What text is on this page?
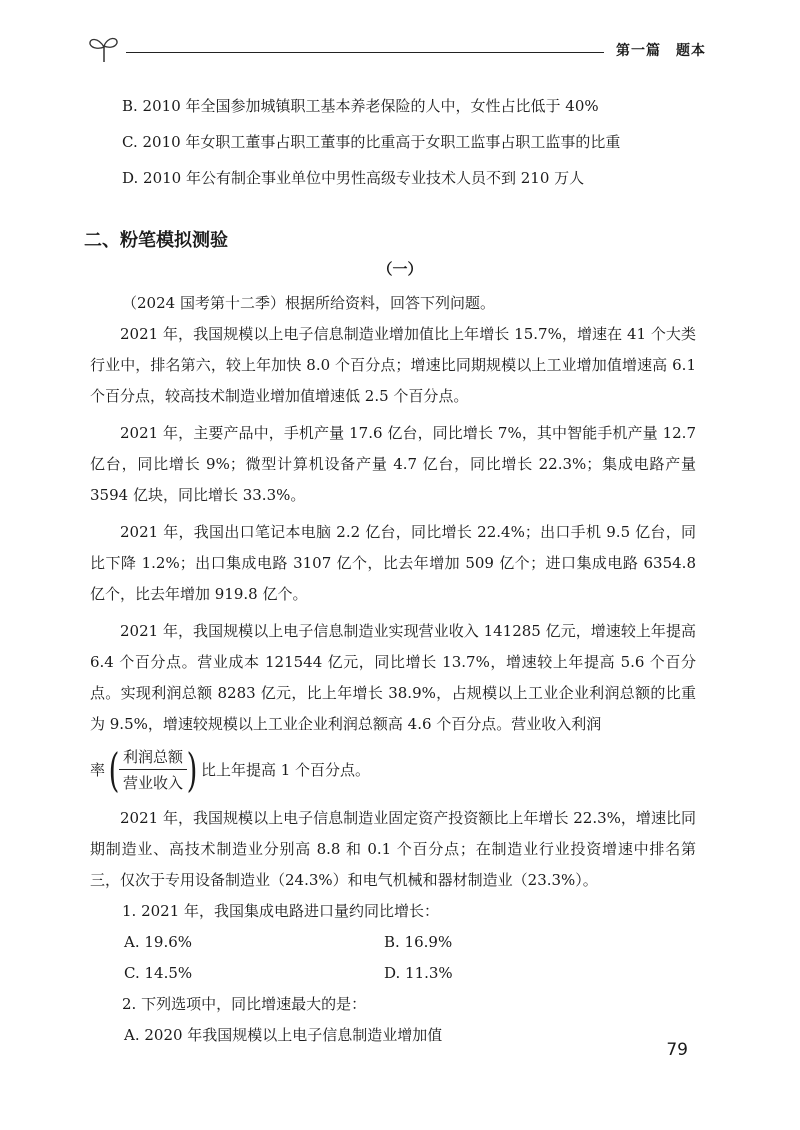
第一篇　题本

B. 2010 年全国参加城镇职工基本养老保险的人中，女性占比低于 40%

C. 2010 年女职工董事占职工董事的比重高于女职工监事占职工监事的比重

D. 2010 年公有制企事业单位中男性高级专业技术人员不到 210 万人

二、粉笔模拟测验
（一）

（2024 国考第十二季）根据所给资料，回答下列问题。

2021 年，我国规模以上电子信息制造业增加值比上年增长 15.7%，增速在 41 个大类行业中，排名第六，较上年加快 8.0 个百分点；增速比同期规模以上工业增加值增速高 6.1 个百分点，较高技术制造业增加值增速低 2.5 个百分点。

2021 年，主要产品中，手机产量 17.6 亿台，同比增长 7%，其中智能手机产量 12.7 亿台，同比增长 9%；微型计算机设备产量 4.7 亿台，同比增长 22.3%；集成电路产量 3594 亿块，同比增长 33.3%。

2021 年，我国出口笔记本电脑 2.2 亿台，同比增长 22.4%；出口手机 9.5 亿台，同比下降 1.2%；出口集成电路 3107 亿个，比去年增加 509 亿个；进口集成电路 6354.8 亿个，比去年增加 919.8 亿个。

2021 年，我国规模以上电子信息制造业实现营业收入 141285 亿元，增速较上年提高 6.4 个百分点。营业成本 121544 亿元，同比增长 13.7%，增速较上年提高 5.6 个百分点。实现利润总额 8283 亿元，比上年增长 38.9%，占规模以上工业企业利润总额的比重为 9.5%，增速较规模以上工业企业利润总额高 4.6 个百分点。营业收入利润

率 ( $\frac{\text{利润总额}}{\text{营业收入}}$ ) 比上年提高 1 个百分点。

2021 年，我国规模以上电子信息制造业固定资产投资额比上年增长 22.3%，增速比同期制造业、高技术制造业分别高 8.8 和 0.1 个百分点；在制造业行业投资增速中排名第三，仅次于专用设备制造业（24.3%）和电气机械和器材制造业（23.3%）。

1. 2021 年，我国集成电路进口量约同比增长：

A. 19.6%	B. 16.9%
C. 14.5%	D. 11.3%

2. 下列选项中，同比增速最大的是：

A. 2020 年我国规模以上电子信息制造业增加值
79
